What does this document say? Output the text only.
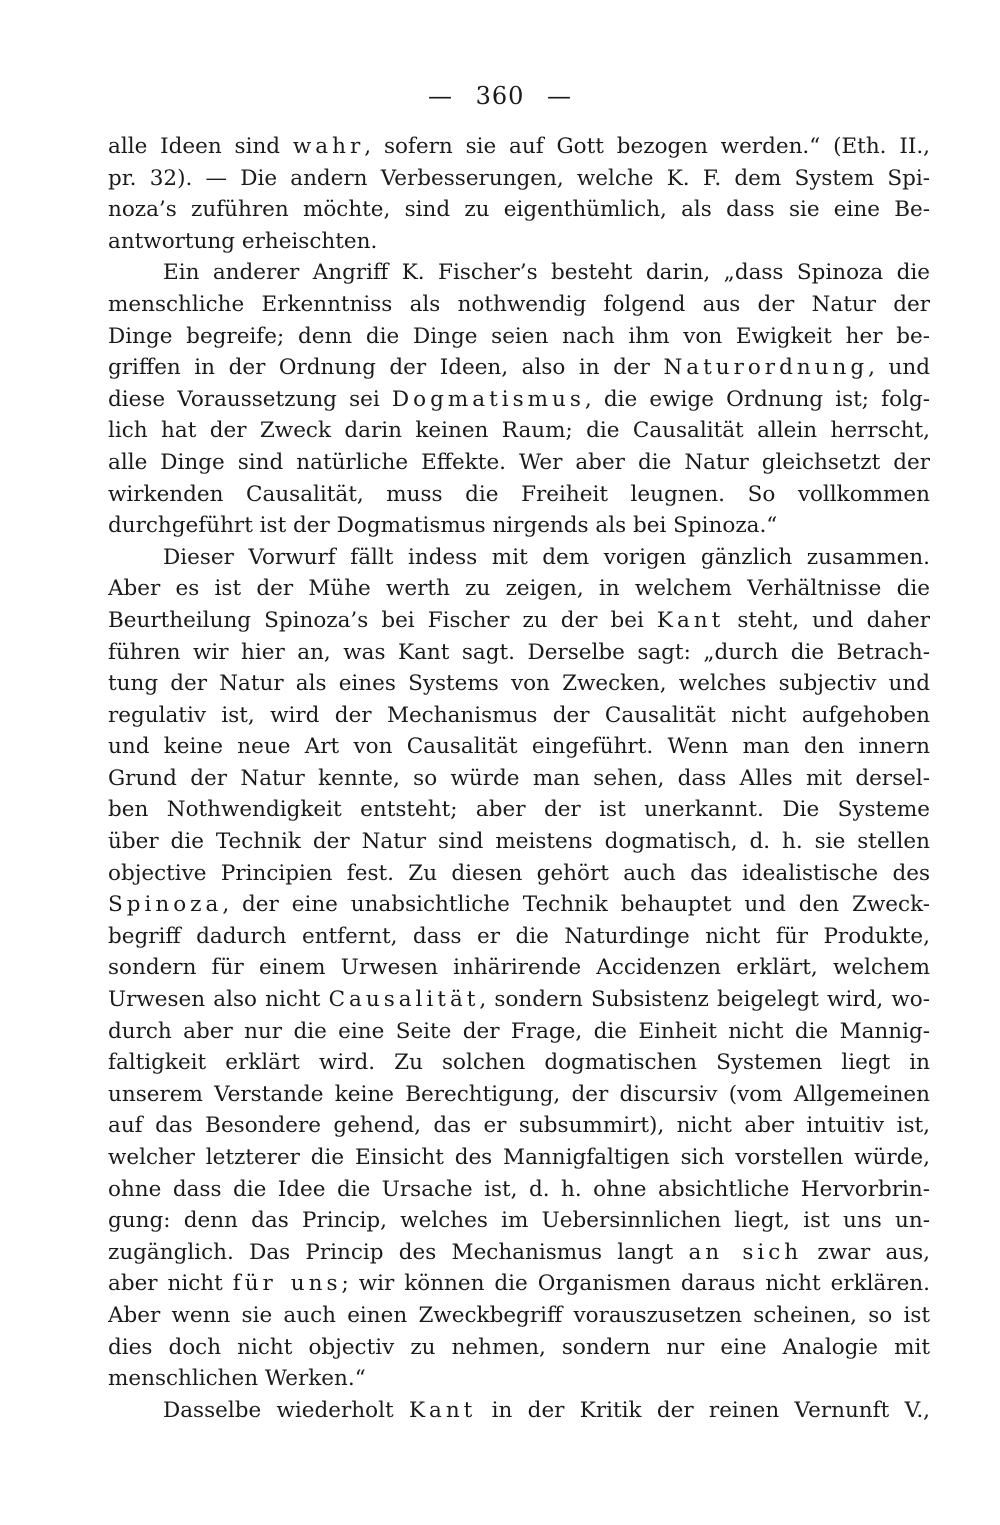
— 360 —
alle Ideen sind wahr, sofern sie auf Gott bezogen werden.“ (Eth. II.,
pr. 32). — Die andern Verbesserungen, welche K. F. dem System Spi-
noza’s zuführen möchte, sind zu eigenthümlich, als dass sie eine Be-
antwortung erheischten.
Ein anderer Angriff K. Fischer’s besteht darin, „dass Spinoza die
menschliche Erkenntniss als nothwendig folgend aus der Natur der
Dinge begreife; denn die Dinge seien nach ihm von Ewigkeit her be-
griffen in der Ordnung der Ideen, also in der Naturordnung, und
diese Voraussetzung sei Dogmatismus, die ewige Ordnung ist; folg-
lich hat der Zweck darin keinen Raum; die Causalität allein herrscht,
alle Dinge sind natürliche Effekte. Wer aber die Natur gleichsetzt der
wirkenden Causalität, muss die Freiheit leugnen. So vollkommen
durchgeführt ist der Dogmatismus nirgends als bei Spinoza.“
Dieser Vorwurf fällt indess mit dem vorigen gänzlich zusammen.
Aber es ist der Mühe werth zu zeigen, in welchem Verhältnisse die
Beurtheilung Spinoza’s bei Fischer zu der bei Kant steht, und daher
führen wir hier an, was Kant sagt. Derselbe sagt: „durch die Betrach-
tung der Natur als eines Systems von Zwecken, welches subjectiv und
regulativ ist, wird der Mechanismus der Causalität nicht aufgehoben
und keine neue Art von Causalität eingeführt. Wenn man den innern
Grund der Natur kennte, so würde man sehen, dass Alles mit dersel-
ben Nothwendigkeit entsteht; aber der ist unerkannt. Die Systeme
über die Technik der Natur sind meistens dogmatisch, d. h. sie stellen
objective Principien fest. Zu diesen gehört auch das idealistische des
Spinoza, der eine unabsichtliche Technik behauptet und den Zweck-
begriff dadurch entfernt, dass er die Naturdinge nicht für Produkte,
sondern für einem Urwesen inhärirende Accidenzen erklärt, welchem
Urwesen also nicht Causalität, sondern Subsistenz beigelegt wird, wo-
durch aber nur die eine Seite der Frage, die Einheit nicht die Mannig-
faltigkeit erklärt wird. Zu solchen dogmatischen Systemen liegt in
unserem Verstande keine Berechtigung, der discursiv (vom Allgemeinen
auf das Besondere gehend, das er subsummirt), nicht aber intuitiv ist,
welcher letzterer die Einsicht des Mannigfaltigen sich vorstellen würde,
ohne dass die Idee die Ursache ist, d. h. ohne absichtliche Hervorbrin-
gung: denn das Princip, welches im Uebersinnlichen liegt, ist uns un-
zugänglich. Das Princip des Mechanismus langt an sich zwar aus,
aber nicht für uns; wir können die Organismen daraus nicht erklären.
Aber wenn sie auch einen Zweckbegriff vorauszusetzen scheinen, so ist
dies doch nicht objectiv zu nehmen, sondern nur eine Analogie mit
menschlichen Werken.“
Dasselbe wiederholt Kant in der Kritik der reinen Vernunft V.,
